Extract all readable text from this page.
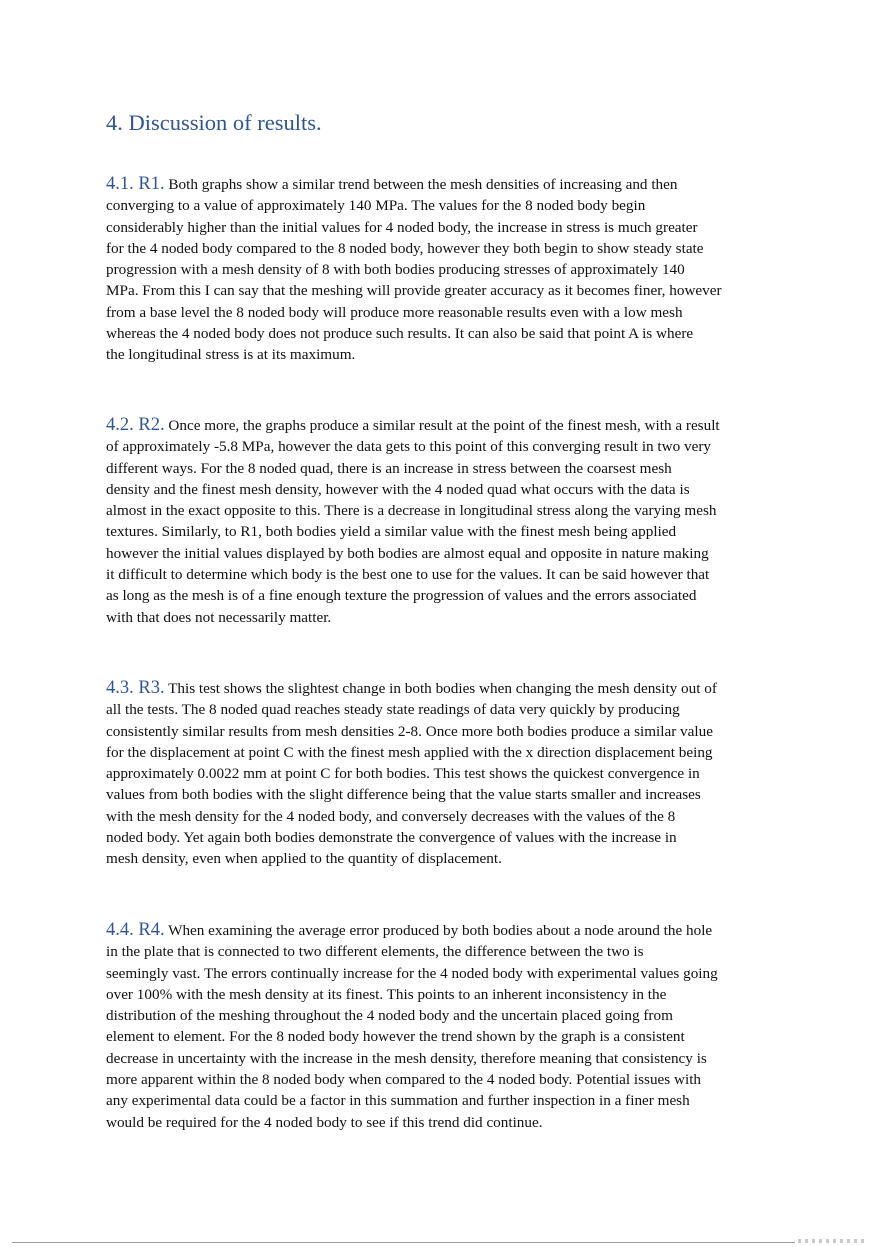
4. Discussion of results.

4.1. R1. Both graphs show a similar trend between the mesh densities of increasing and then
converging to a value of approximately 140 MPa. The values for the 8 noded body begin
considerably higher than the initial values for 4 noded body, the increase in stress is much greater
for the 4 noded body compared to the 8 noded body, however they both begin to show steady state
progression with a mesh density of 8 with both bodies producing stresses of approximately 140
MPa. From this I can say that the meshing will provide greater accuracy as it becomes finer, however
from a base level the 8 noded body will produce more reasonable results even with a low mesh
whereas the 4 noded body does not produce such results. It can also be said that point A is where
the longitudinal stress is at its maximum.

4.2. R2. Once more, the graphs produce a similar result at the point of the finest mesh, with a result
of approximately -5.8 MPa, however the data gets to this point of this converging result in two very
different ways. For the 8 noded quad, there is an increase in stress between the coarsest mesh
density and the finest mesh density, however with the 4 noded quad what occurs with the data is
almost in the exact opposite to this. There is a decrease in longitudinal stress along the varying mesh
textures. Similarly, to R1, both bodies yield a similar value with the finest mesh being applied
however the initial values displayed by both bodies are almost equal and opposite in nature making
it difficult to determine which body is the best one to use for the values. It can be said however that
as long as the mesh is of a fine enough texture the progression of values and the errors associated
with that does not necessarily matter.

4.3. R3. This test shows the slightest change in both bodies when changing the mesh density out of
all the tests. The 8 noded quad reaches steady state readings of data very quickly by producing
consistently similar results from mesh densities 2-8. Once more both bodies produce a similar value
for the displacement at point C with the finest mesh applied with the x direction displacement being
approximately 0.0022 mm at point C for both bodies. This test shows the quickest convergence in
values from both bodies with the slight difference being that the value starts smaller and increases
with the mesh density for the 4 noded body, and conversely decreases with the values of the 8
noded body. Yet again both bodies demonstrate the convergence of values with the increase in
mesh density, even when applied to the quantity of displacement.

4.4. R4. When examining the average error produced by both bodies about a node around the hole
in the plate that is connected to two different elements, the difference between the two is
seemingly vast. The errors continually increase for the 4 noded body with experimental values going
over 100% with the mesh density at its finest. This points to an inherent inconsistency in the
distribution of the meshing throughout the 4 noded body and the uncertain placed going from
element to element. For the 8 noded body however the trend shown by the graph is a consistent
decrease in uncertainty with the increase in the mesh density, therefore meaning that consistency is
more apparent within the 8 noded body when compared to the 4 noded body. Potential issues with
any experimental data could be a factor in this summation and further inspection in a finer mesh
would be required for the 4 noded body to see if this trend did continue.
